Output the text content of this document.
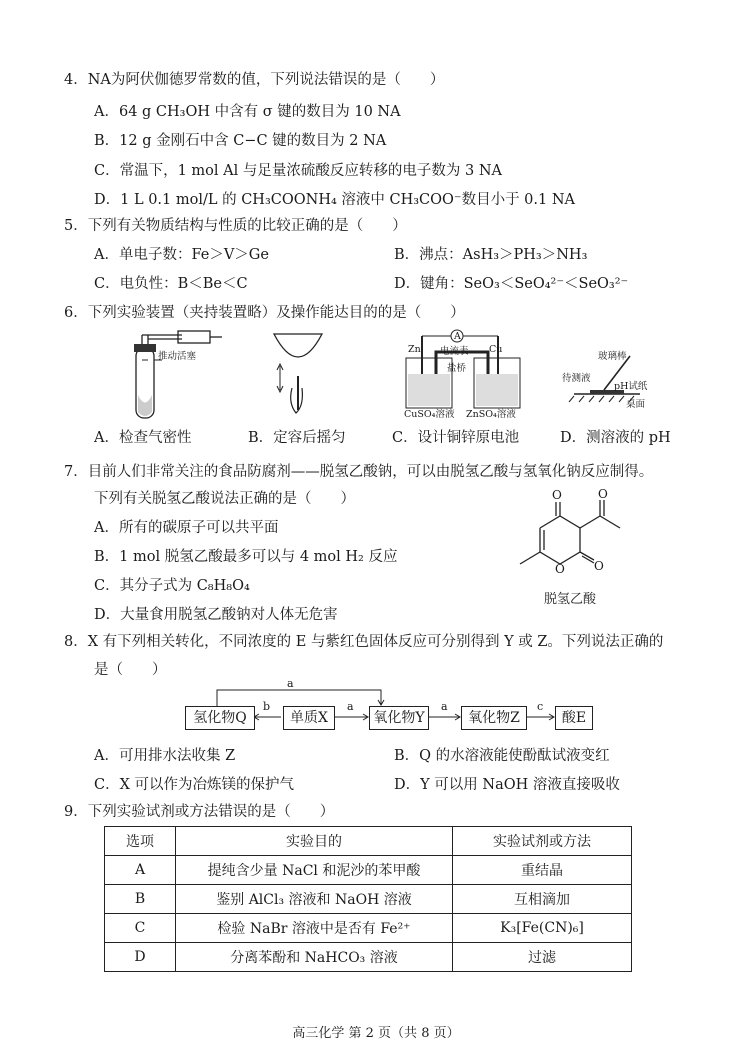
4．NA为阿伏伽德罗常数的值，下列说法错误的是（　　）
A．64 g CH₃OH 中含有 σ 键的数目为 10 NA
B．12 g 金刚石中含 C−C 键的数目为 2 NA
C．常温下，1 mol Al 与足量浓硫酸反应转移的电子数为 3 NA
D．1 L 0.1 mol/L 的 CH₃COONH₄ 溶液中 CH₃COO⁻数目小于 0.1 NA
5．下列有关物质结构与性质的比较正确的是（　　）
A．单电子数：Fe＞V＞Ge	B．沸点：AsH₃＞PH₃＞NH₃
C．电负性：B＜Be＜C	D．键角：SeO₃＜SeO₄²⁻＜SeO₃²⁻
6．下列实验装置（夹持装置略）及操作能达目的的是（　　）
推动活塞
A
Zn	Cu
电流表
盐桥
CuSO₄溶液 ZnSO₄溶液
玻璃棒
待测液
pH试纸
桌面
A．检查气密性	B．定容后摇匀	C．设计铜锌原电池	D．测溶液的 pH
7．目前人们非常关注的食品防腐剂——脱氢乙酸钠，可以由脱氢乙酸与氢氧化钠反应制得。
下列有关脱氢乙酸说法正确的是（　　）
A．所有的碳原子可以共平面
B．1 mol 脱氢乙酸最多可以与 4 mol H₂ 反应
C．其分子式为 C₈H₈O₄
D．大量食用脱氢乙酸钠对人体无危害
O	O
O
O
脱氢乙酸
8．X 有下列相关转化，不同浓度的 E 与紫红色固体反应可分别得到 Y 或 Z。下列说法正确的
是（　　）
氢化物Q	单质X	氧化物Y	氧化物Z	酸E
a
b	a	a	c
A．可用排水法收集 Z	B．Q 的水溶液能使酚酞试液变红
C．X 可以作为冶炼镁的保护气	D．Y 可以用 NaOH 溶液直接吸收
9．下列实验试剂或方法错误的是（　　）
选项	实验目的	实验试剂或方法
A	提纯含少量 NaCl 和泥沙的苯甲酸	重结晶
B	鉴别 AlCl₃ 溶液和 NaOH 溶液	互相滴加
C	检验 NaBr 溶液中是否有 Fe²⁺	K₃[Fe(CN)₆]
D	分离苯酚和 NaHCO₃ 溶液	过滤
高三化学 第 2 页（共 8 页）
